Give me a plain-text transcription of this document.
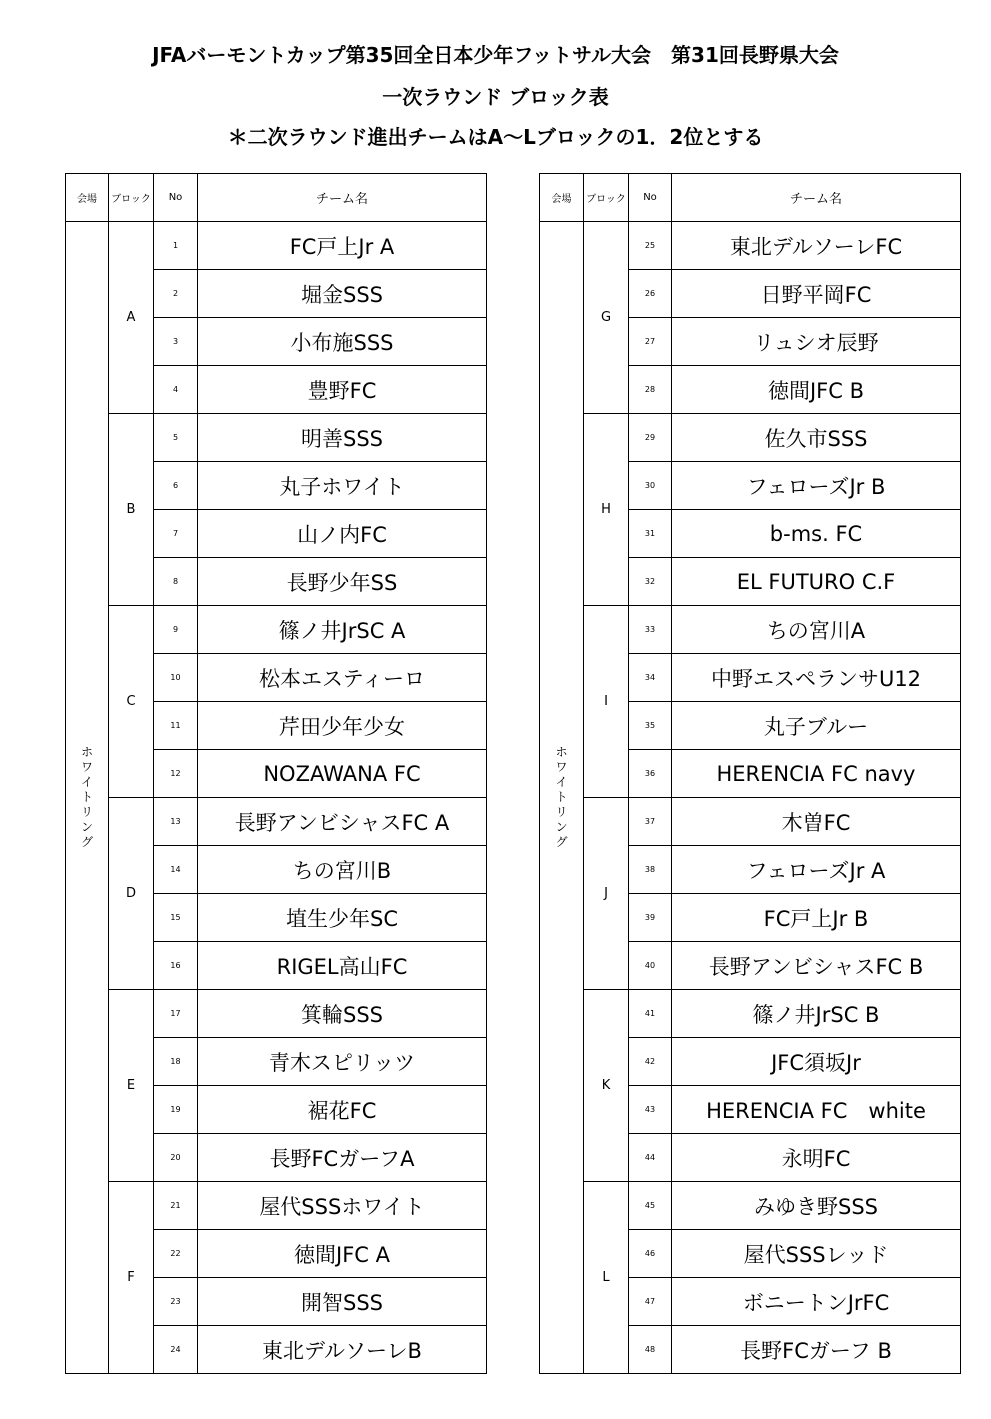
JFAバーモントカップ第35回全日本少年フットサル大会　第31回長野県大会
一次ラウンド ブロック表
＊二次ラウンド進出チームはA～Lブロックの1．2位とする
会場	ブロック	No	チーム名
ホワイトリング	A	1	FC戸上Jr A
		2	堀金SSS
		3	小布施SSS
		4	豊野FC
	B	5	明善SSS
		6	丸子ホワイト
		7	山ノ内FC
		8	長野少年SS
	C	9	篠ノ井JrSC A
		10	松本エスティーロ
		11	芹田少年少女
		12	NOZAWANA FC
	D	13	長野アンビシャスFC A
		14	ちの宮川B
		15	埴生少年SC
		16	RIGEL高山FC
	E	17	箕輪SSS
		18	青木スピリッツ
		19	裾花FC
		20	長野FCガーフA
	F	21	屋代SSSホワイト
		22	徳間JFC A
		23	開智SSS
		24	東北デルソーレB
会場	ブロック	No	チーム名
ホワイトリング	G	25	東北デルソーレFC
		26	日野平岡FC
		27	リュシオ辰野
		28	徳間JFC B
	H	29	佐久市SSS
		30	フェローズJr B
		31	b-ms. FC
		32	EL FUTURO C.F
	I	33	ちの宮川A
		34	中野エスペランサU12
		35	丸子ブルー
		36	HERENCIA FC navy
	J	37	木曽FC
		38	フェローズJr A
		39	FC戸上Jr B
		40	長野アンビシャスFC B
	K	41	篠ノ井JrSC B
		42	JFC須坂Jr
		43	HERENCIA FC　white
		44	永明FC
	L	45	みゆき野SSS
		46	屋代SSSレッド
		47	ボニートンJrFC
		48	長野FCガーフ B
